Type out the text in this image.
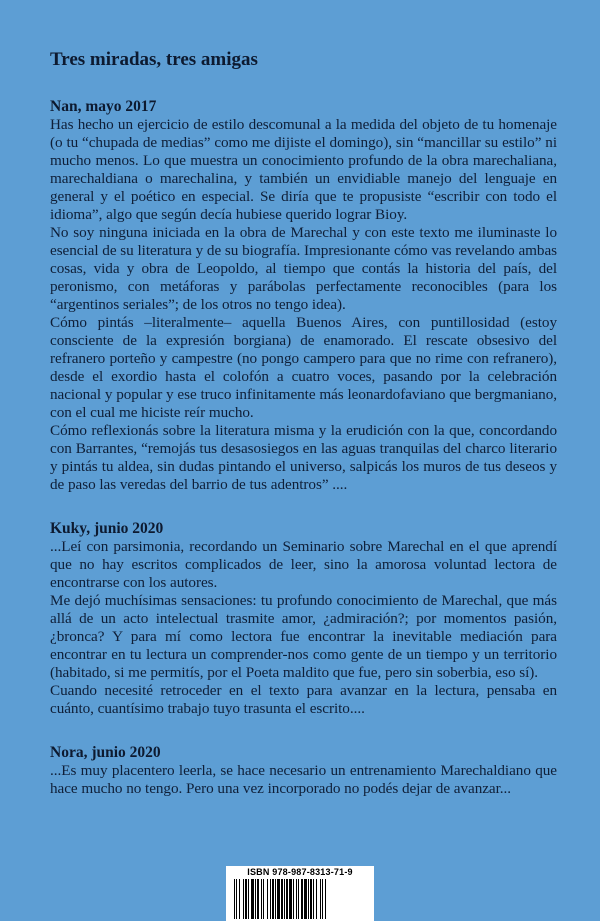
Tres miradas, tres amigas
Nan, mayo 2017

Has hecho un ejercicio de estilo descomunal a la medida del objeto de tu homenaje (o tu “chupada de medias” como me dijiste el domingo), sin “mancillar su estilo” ni mucho menos. Lo que muestra un conocimiento profundo de la obra marechaliana, marechaldiana o marechalina, y también un envidiable manejo del lenguaje en general y el poético en especial. Se diría que te propusiste “escribir con todo el idioma”, algo que según decía hubiese querido lograr Bioy.

No soy ninguna iniciada en la obra de Marechal y con este texto me iluminaste lo esencial de su literatura y de su biografía. Impresionante cómo vas revelando ambas cosas, vida y obra de Leopoldo, al tiempo que contás la historia del país, del peronismo, con metáforas y parábolas perfectamente reconocibles (para los “argentinos seriales”; de los otros no tengo idea).

Cómo pintás –literalmente– aquella Buenos Aires, con puntillosidad (estoy consciente de la expresión borgiana) de enamorado. El rescate obsesivo del refranero porteño y campestre (no pongo campero para que no rime con refranero), desde el exordio hasta el colofón a cuatro voces, pasando por la celebración nacional y popular y ese truco infinitamente más leonardofaviano que bergmaniano, con el cual me hiciste reír mucho.

Cómo reflexionás sobre la literatura misma y la erudición con la que, concordando con Barrantes, “remojás tus desasosiegos en las aguas tranquilas del charco literario y pintás tu aldea, sin dudas pintando el universo, salpicás los muros de tus deseos y de paso las veredas del barrio de tus adentros” ....

Kuky, junio 2020

...Leí con parsimonia, recordando un Seminario sobre Marechal en el que aprendí que no hay escritos complicados de leer, sino la amorosa voluntad lectora de encontrarse con los autores.

Me dejó muchísimas sensaciones: tu profundo conocimiento de Marechal, que más allá de un acto intelectual trasmite amor, ¿admiración?; por momentos pasión, ¿bronca? Y para mí como lectora fue encontrar la inevitable mediación para encontrar en tu lectura un comprender-nos como gente de un tiempo y un territorio (habitado, si me permitís, por el Poeta maldito que fue, pero sin soberbia, eso sí).

Cuando necesité retroceder en el texto para avanzar en la lectura, pensaba en cuánto, cuantísimo trabajo tuyo trasunta el escrito....

Nora, junio 2020

...Es muy placentero leerla, se hace necesario un entrenamiento Marechaldiano que hace mucho no tengo. Pero una vez incorporado no podés dejar de avanzar...

ISBN 978-987-8313-71-9
